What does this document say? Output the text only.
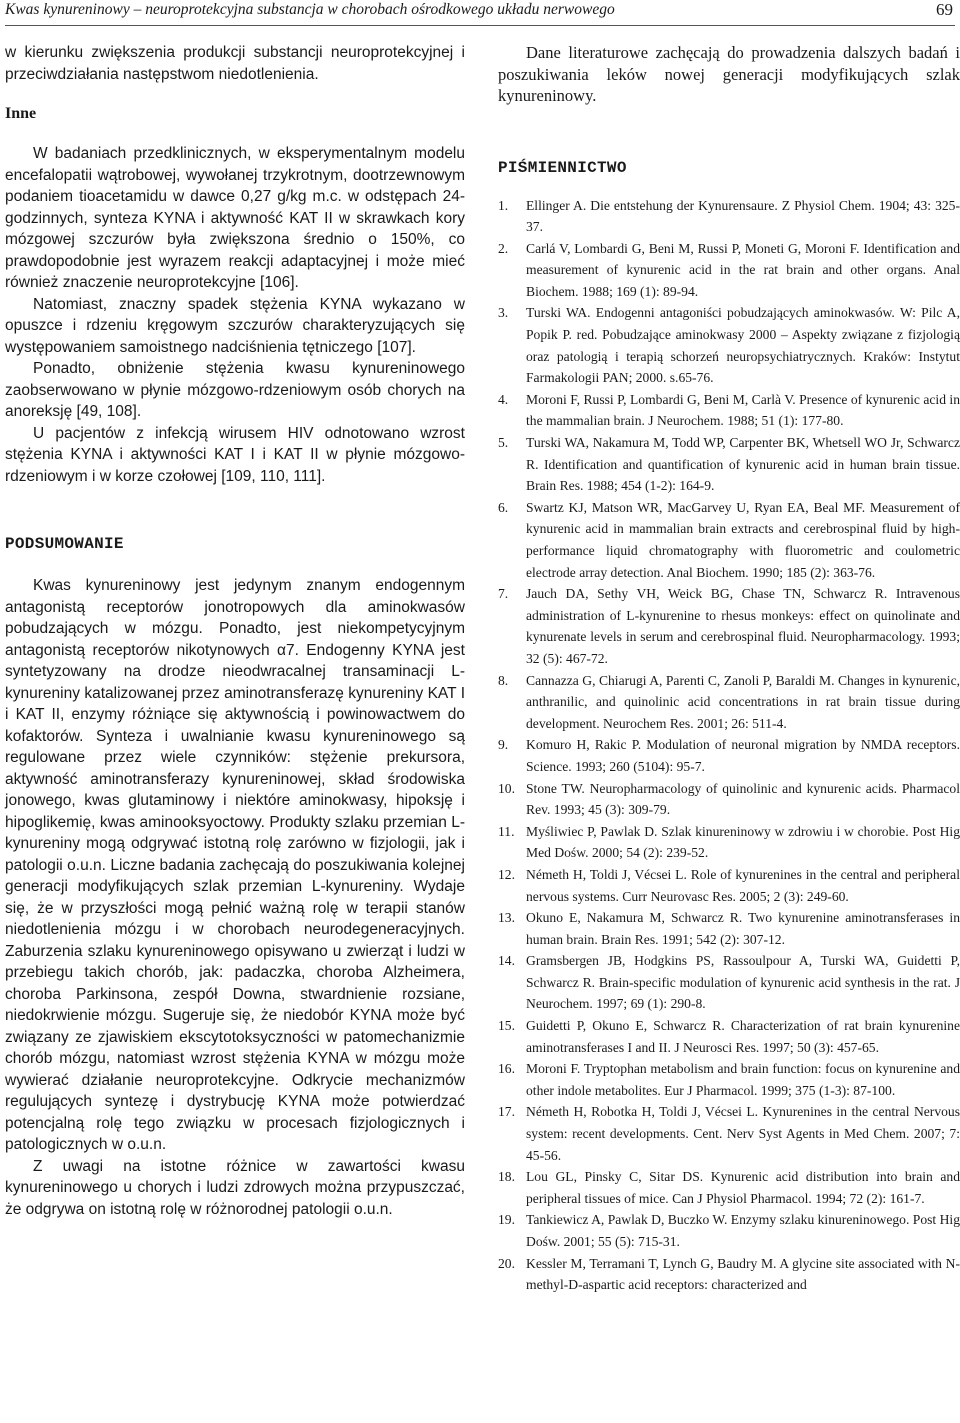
Kwas kynureninowy – neuroprotekcyjna substancja w chorobach ośrodkowego układu nerwowego	69

w kierunku zwiększenia produkcji substancji neuroprotekcyjnej i przeciwdziałania następstwom niedotlenienia.

Inne

W badaniach przedklinicznych, w eksperymentalnym modelu encefalopatii wątrobowej, wywołanej trzykrotnym, dootrzewnowym podaniem tioacetamidu w dawce 0,27 g/kg m.c. w odstępach 24-godzinnych, synteza KYNA i aktywność KAT II w skrawkach kory mózgowej szczurów była zwiększona średnio o 150%, co prawdopodobnie jest wyrazem reakcji adaptacyjnej i może mieć również znaczenie neuroprotekcyjne [106].

Natomiast, znaczny spadek stężenia KYNA wykazano w opuszce i rdzeniu kręgowym szczurów charakteryzujących się występowaniem samoistnego nadciśnienia tętniczego [107].

Ponadto, obniżenie stężenia kwasu kynureninowego zaobserwowano w płynie mózgowo-rdzeniowym osób chorych na anoreksję [49, 108].

U pacjentów z infekcją wirusem HIV odnotowano wzrost stężenia KYNA i aktywności KAT I i KAT II w płynie mózgowo-rdzeniowym i w korze czołowej [109, 110, 111].

PODSUMOWANIE

Kwas kynureninowy jest jedynym znanym endogennym antagonistą receptorów jonotropowych dla aminokwasów pobudzających w mózgu. Ponadto, jest niekompetycyjnym antagonistą receptorów nikotynowych α7. Endogenny KYNA jest syntetyzowany na drodze nieodwracalnej transaminacji L-kynureniny katalizowanej przez aminotransferazę kynureniny KAT I i KAT II, enzymy różniące się aktywnością i powinowactwem do kofaktorów. Synteza i uwalnianie kwasu kynureninowego są regulowane przez wiele czynników: stężenie prekursora, aktywność aminotransferazy kynureninowej, skład środowiska jonowego, kwas glutaminowy i niektóre aminokwasy, hipoksję i hipoglikemię, kwas aminooksyoctowy. Produkty szlaku przemian L-kynureniny mogą odgrywać istotną rolę zarówno w fizjologii, jak i patologii o.u.n. Liczne badania zachęcają do poszukiwania kolejnej generacji modyfikujących szlak przemian L-kynureniny. Wydaje się, że w przyszłości mogą pełnić ważną rolę w terapii stanów niedotlenienia mózgu i w chorobach neurodegeneracyjnych. Zaburzenia szlaku kynureninowego opisywano u zwierząt i ludzi w przebiegu takich chorób, jak: padaczka, choroba Alzheimera, choroba Parkinsona, zespół Downa, stwardnienie rozsiane, niedokrwienie mózgu. Sugeruje się, że niedobór KYNA może być związany ze zjawiskiem ekscytotoksyczności w patomechanizmie chorób mózgu, natomiast wzrost stężenia KYNA w mózgu może wywierać działanie neuroprotekcyjne. Odkrycie mechanizmów regulujących syntezę i dystrybucję KYNA może potwierdzać potencjalną rolę tego związku w procesach fizjologicznych i patologicznych w o.u.n.

Z uwagi na istotne różnice w zawartości kwasu kynureninowego u chorych i ludzi zdrowych można przypuszczać, że odgrywa on istotną rolę w różnorodnej patologii o.u.n.

Dane literaturowe zachęcają do prowadzenia dalszych badań i poszukiwania leków nowej generacji modyfikujących szlak kynureninowy.

PIŚMIENNICTWO
1.	Ellinger A. Die entstehung der Kynurensaure. Z Physiol Chem. 1904; 43: 325-37.
2.	Carlá V, Lombardi G, Beni M, Russi P, Moneti G, Moroni F. Identification and measurement of kynurenic acid in the rat brain and other organs. Anal Biochem. 1988; 169 (1): 89-94.
3.	Turski WA. Endogenni antagoniści pobudzających aminokwasów. W: Pilc A, Popik P. red. Pobudzające aminokwasy 2000 – Aspekty związane z fizjologią oraz patologią i terapią schorzeń neuropsychiatrycznych. Kraków: Instytut Farmakologii PAN; 2000. s.65-76.
4.	Moroni F, Russi P, Lombardi G, Beni M, Carlà V. Presence of kynurenic acid in the mammalian brain. J Neurochem. 1988; 51 (1): 177-80.
5.	Turski WA, Nakamura M, Todd WP, Carpenter BK, Whetsell WO Jr, Schwarcz R. Identification and quantification of kynurenic acid in human brain tissue. Brain Res. 1988; 454 (1-2): 164-9.
6.	Swartz KJ, Matson WR, MacGarvey U, Ryan EA, Beal MF. Measurement of kynurenic acid in mammalian brain extracts and cerebrospinal fluid by high-performance liquid chromatography with fluorometric and coulometric electrode array detection. Anal Biochem. 1990; 185 (2): 363-76.
7.	Jauch DA, Sethy VH, Weick BG, Chase TN, Schwarcz R. Intravenous administration of L-kynurenine to rhesus monkeys: effect on quinolinate and kynurenate levels in serum and cerebrospinal fluid. Neuropharmacology. 1993; 32 (5): 467-72.
8.	Cannazza G, Chiarugi A, Parenti C, Zanoli P, Baraldi M. Changes in kynurenic, anthranilic, and quinolinic acid concentrations in rat brain tissue during development. Neurochem Res. 2001; 26: 511-4.
9.	Komuro H, Rakic P. Modulation of neuronal migration by NMDA receptors. Science. 1993; 260 (5104): 95-7.
10. Stone TW. Neuropharmacology of quinolinic and kynurenic acids. Pharmacol Rev. 1993; 45 (3): 309-79.
11. Myśliwiec P, Pawlak D. Szlak kinureninowy w zdrowiu i w chorobie. Post Hig Med Dośw. 2000; 54 (2): 239-52.
12. Németh H, Toldi J, Vécsei L. Role of kynurenines in the central and peripheral nervous systems. Curr Neurovasc Res. 2005; 2 (3): 249-60.
13. Okuno E, Nakamura M, Schwarcz R. Two kynurenine aminotransferases in human brain. Brain Res. 1991; 542 (2): 307-12.
14. Gramsbergen JB, Hodgkins PS, Rassoulpour A, Turski WA, Guidetti P, Schwarcz R. Brain-specific modulation of kynurenic acid synthesis in the rat. J Neurochem. 1997; 69 (1): 290-8.
15. Guidetti P, Okuno E, Schwarcz R. Characterization of rat brain kynurenine aminotransferases I and II. J Neurosci Res. 1997; 50 (3): 457-65.
16. Moroni F. Tryptophan metabolism and brain function: focus on kynurenine and other indole metabolites. Eur J Pharmacol. 1999; 375 (1-3): 87-100.
17. Németh H, Robotka H, Toldi J, Vécsei L. Kynurenines in the central Nervous system: recent developments. Cent. Nerv Syst Agents in Med Chem. 2007; 7: 45-56.
18. Lou GL, Pinsky C, Sitar DS. Kynurenic acid distribution into brain and peripheral tissues of mice. Can J Physiol Pharmacol. 1994; 72 (2): 161-7.
19. Tankiewicz A, Pawlak D, Buczko W. Enzymy szlaku kinureninowego. Post Hig Dośw. 2001; 55 (5): 715-31.
20. Kessler M, Terramani T, Lynch G, Baudry M. A glycine site associated with N-methyl-D-aspartic acid receptors: characterized and
